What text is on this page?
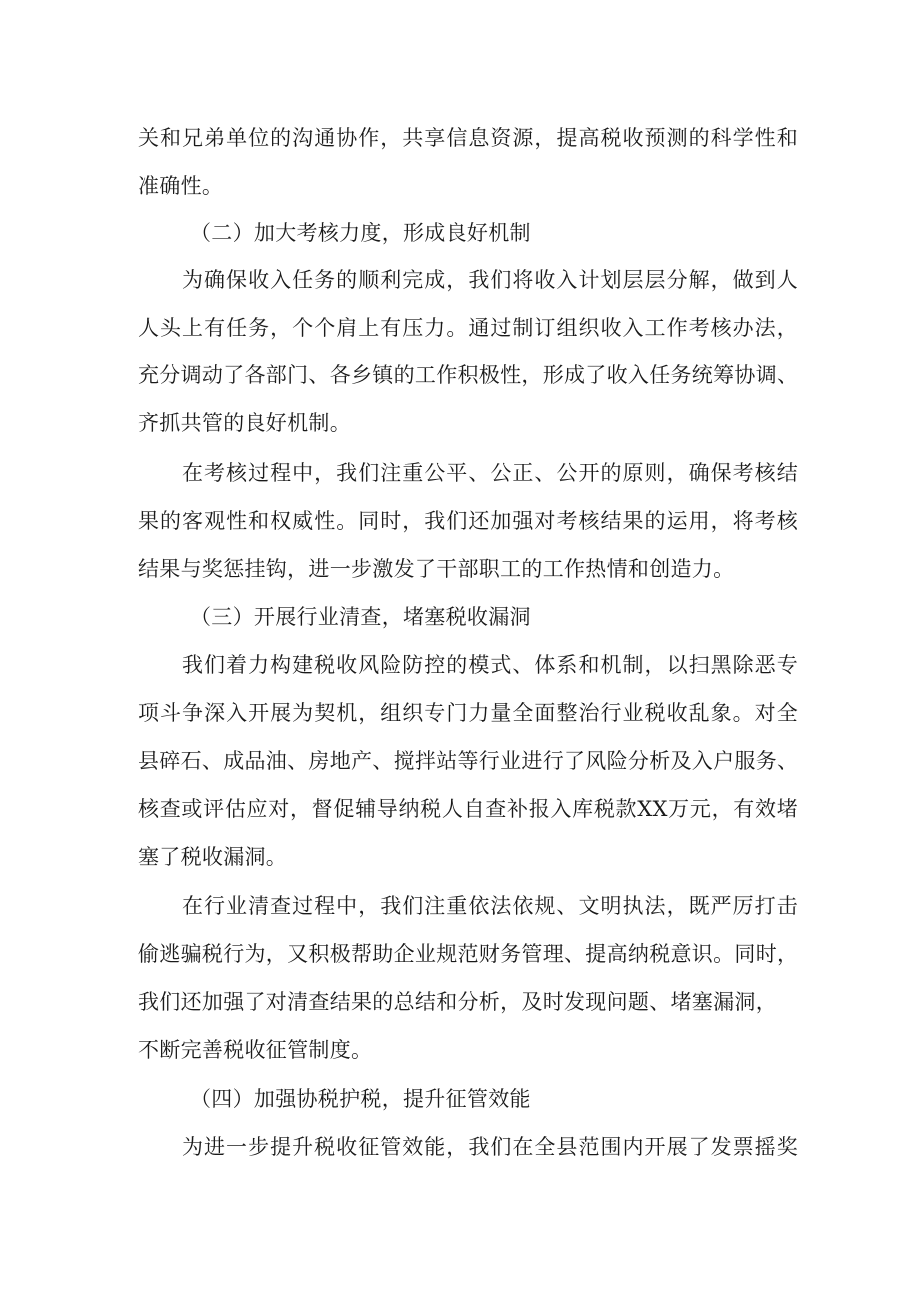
关和兄弟单位的沟通协作，共享信息资源，提高税收预测的科学性和
准确性。
（二）加大考核力度，形成良好机制
为确保收入任务的顺利完成，我们将收入计划层层分解，做到人
人头上有任务，个个肩上有压力。通过制订组织收入工作考核办法，
充分调动了各部门、各乡镇的工作积极性，形成了收入任务统筹协调、
齐抓共管的良好机制。
在考核过程中，我们注重公平、公正、公开的原则，确保考核结
果的客观性和权威性。同时，我们还加强对考核结果的运用，将考核
结果与奖惩挂钩，进一步激发了干部职工的工作热情和创造力。
（三）开展行业清查，堵塞税收漏洞
我们着力构建税收风险防控的模式、体系和机制，以扫黑除恶专
项斗争深入开展为契机，组织专门力量全面整治行业税收乱象。对全
县碎石、成品油、房地产、搅拌站等行业进行了风险分析及入户服务、
核查或评估应对，督促辅导纳税人自查补报入库税款XX万元，有效堵
塞了税收漏洞。
在行业清查过程中，我们注重依法依规、文明执法，既严厉打击
偷逃骗税行为，又积极帮助企业规范财务管理、提高纳税意识。同时，
我们还加强了对清查结果的总结和分析，及时发现问题、堵塞漏洞，
不断完善税收征管制度。
（四）加强协税护税，提升征管效能
为进一步提升税收征管效能，我们在全县范围内开展了发票摇奖
